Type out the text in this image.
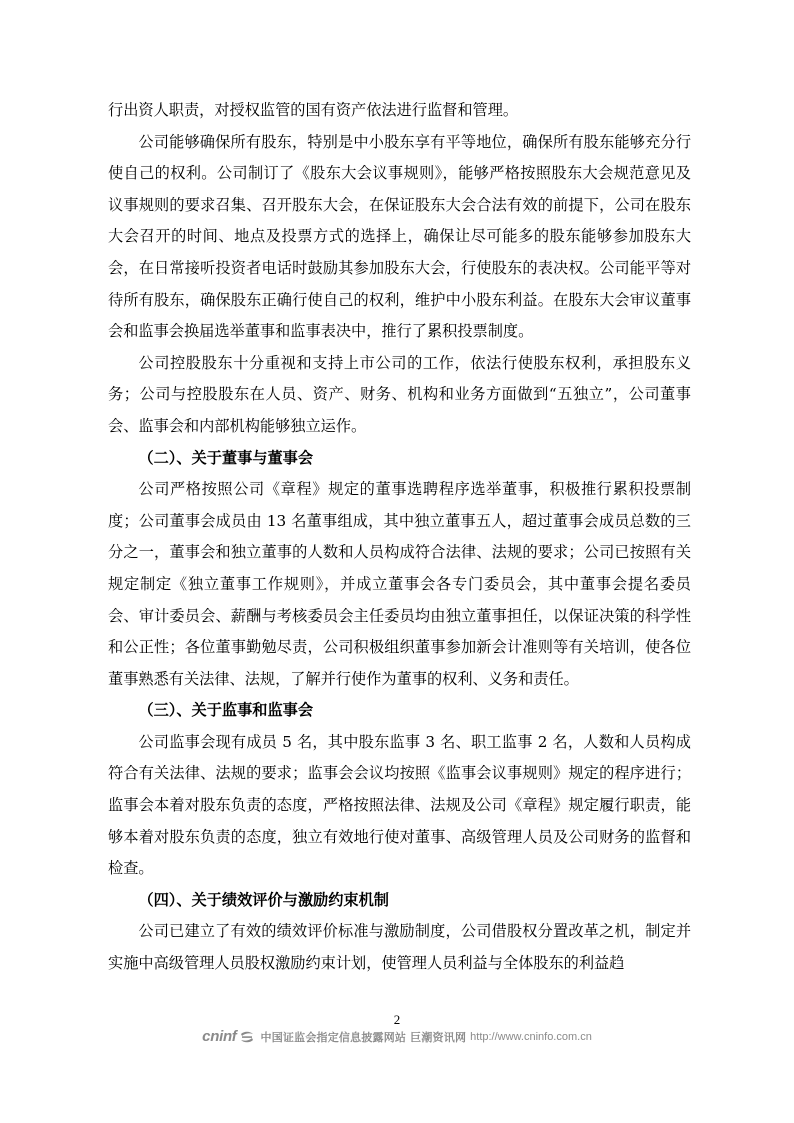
行出资人职责，对授权监管的国有资产依法进行监督和管理。

公司能够确保所有股东，特别是中小股东享有平等地位，确保所有股东能够充分行使自己的权利。公司制订了《股东大会议事规则》，能够严格按照股东大会规范意见及议事规则的要求召集、召开股东大会，在保证股东大会合法有效的前提下，公司在股东大会召开的时间、地点及投票方式的选择上，确保让尽可能多的股东能够参加股东大会，在日常接听投资者电话时鼓励其参加股东大会，行使股东的表决权。公司能平等对待所有股东，确保股东正确行使自己的权利，维护中小股东利益。在股东大会审议董事会和监事会换届选举董事和监事表决中，推行了累积投票制度。

公司控股股东十分重视和支持上市公司的工作，依法行使股东权利，承担股东义务；公司与控股股东在人员、资产、财务、机构和业务方面做到“五独立”，公司董事会、监事会和内部机构能够独立运作。

（二）、关于董事与董事会

公司严格按照公司《章程》规定的董事选聘程序选举董事，积极推行累积投票制度；公司董事会成员由 13 名董事组成，其中独立董事五人，超过董事会成员总数的三分之一，董事会和独立董事的人数和人员构成符合法律、法规的要求；公司已按照有关规定制定《独立董事工作规则》，并成立董事会各专门委员会，其中董事会提名委员会、审计委员会、薪酬与考核委员会主任委员均由独立董事担任，以保证决策的科学性和公正性；各位董事勤勉尽责，公司积极组织董事参加新会计准则等有关培训，使各位董事熟悉有关法律、法规，了解并行使作为董事的权利、义务和责任。

（三）、关于监事和监事会

公司监事会现有成员 5 名，其中股东监事 3 名、职工监事 2 名，人数和人员构成符合有关法律、法规的要求；监事会会议均按照《监事会议事规则》规定的程序进行；监事会本着对股东负责的态度，严格按照法律、法规及公司《章程》规定履行职责，能够本着对股东负责的态度，独立有效地行使对董事、高级管理人员及公司财务的监督和检查。

（四）、关于绩效评价与激励约束机制

公司已建立了有效的绩效评价标准与激励制度，公司借股权分置改革之机，制定并实施中高级管理人员股权激励约束计划，使管理人员利益与全体股东的利益趋

2
cninf 中国证监会指定信息披露网站 巨潮资讯网 http://www.cninfo.com.cn
